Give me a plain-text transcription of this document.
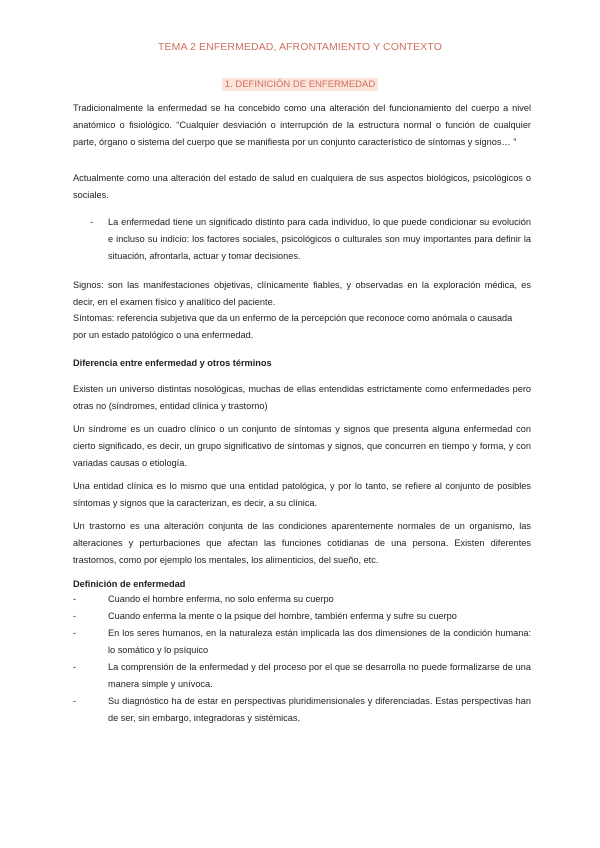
TEMA 2 ENFERMEDAD, AFRONTAMIENTO Y CONTEXTO
1. DEFINICIÓN DE ENFERMEDAD

Tradicionalmente la enfermedad se ha concebido como una alteración del funcionamiento del cuerpo a nivel anatómico o fisiológico. “Cualquier desviación o interrupción de la estructura normal o función de cualquier parte, órgano o sistema del cuerpo que se manifiesta por un conjunto característico de síntomas y signos… ”

Actualmente como una alteración del estado de salud en cualquiera de sus aspectos biológicos, psicológicos o sociales.

- La enfermedad tiene un significado distinto para cada individuo, lo que puede condicionar su evolución e incluso su indicio: los factores sociales, psicológicos o culturales son muy importantes para definir la situación, afrontarla, actuar y tomar decisiones.

Signos: son las manifestaciones objetivas, clínicamente fiables, y observadas en la exploración médica, es decir, en el examen físico y analítico del paciente.

Síntomas: referencia subjetiva que da un enfermo de la percepción que reconoce como anómala o causada por un estado patológico o una enfermedad.

Diferencia entre enfermedad y otros términos

Existen un universo distintas nosológicas, muchas de ellas entendidas estrictamente como enfermedades pero otras no (síndromes, entidad clínica y trastorno)

Un síndrome es un cuadro clínico o un conjunto de síntomas y signos que presenta alguna enfermedad con cierto significado, es decir, un grupo significativo de síntomas y signos, que concurren en tiempo y forma, y con variadas causas o etiología.

Una entidad clínica es lo mismo que una entidad patológica, y por lo tanto, se refiere al conjunto de posibles síntomas y signos que la caracterizan, es decir, a su clínica.

Un trastorno es una alteración conjunta de las condiciones aparentemente normales de un organismo, las alteraciones y perturbaciones que afectan las funciones cotidianas de una persona. Existen diferentes trastornos, como por ejemplo los mentales, los alimenticios, del sueño, etc.

Definición de enfermedad

-	Cuando el hombre enferma, no solo enferma su cuerpo
-	Cuando enferma la mente o la psique del hombre, también enferma y sufre su cuerpo
-	En los seres humanos, en la naturaleza están implicada las dos dimensiones de la condición humana: lo somático y lo psíquico
-	La comprensión de la enfermedad y del proceso por el que se desarrolla no puede formalizarse de una manera simple y unívoca.
-	Su diagnóstico ha de estar en perspectivas pluridimensionales y diferenciadas. Estas perspectivas han de ser, sin embargo, integradoras y sistémicas.
